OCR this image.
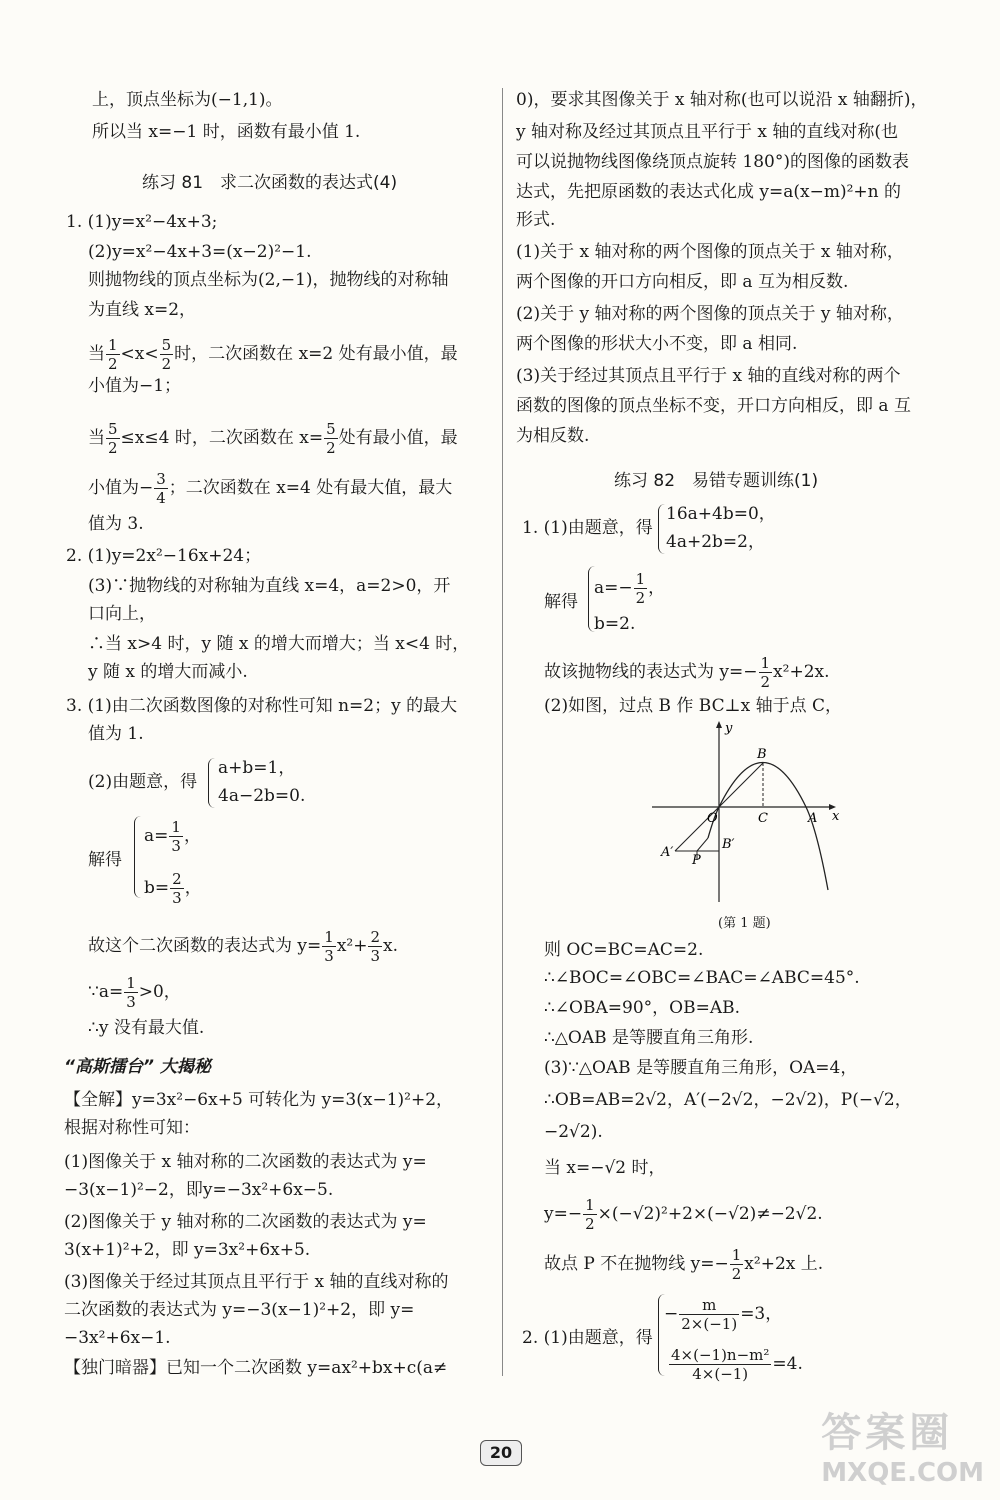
上，顶点坐标为(−1,1)。
所以当 x=−1 时，函数有最小值 1.
练习 81　求二次函数的表达式(4)
1. (1)y=x²−4x+3;
(2)y=x²−4x+3=(x−2)²−1.
则抛物线的顶点坐标为(2,−1)，抛物线的对称轴
为直线 x=2，
当 $\frac{1}{2} <x< \frac{5}{2}$ 时，二次函数在 x=2 处有最小值，最
小值为−1；
当 $\frac{5}{2} \le x\le 4$ 时，二次函数在 $x= \frac{5}{2}$ 处有最小值，最
小值为− $\frac{3}{4}$ ；二次函数在 x=4 处有最大值，最大
值为 3.
2. (1)y=2x²−16x+24；
(3)∵抛物线的对称轴为直线 x=4，a=2>0，开
口向上，
∴当 x>4 时，y 随 x 的增大而增大；当 x<4 时，
y 随 x 的增大而减小.
3. (1)由二次函数图像的对称性可知 n=2；y 的最大
值为 1.
(2)由题意，得
a+b=1，
4a−2b=0.
解得
$a= \frac{1}{3}$ ，
$b= \frac{2}{3}$ ，
故这个二次函数的表达式为 $y= \frac{1}{3} x^2+ \frac{2}{3} x$.
∵a= $\frac{1}{3} >0$，
∴y 没有最大值.
“高斯擂台” 大揭秘
【全解】y=3x²−6x+5 可转化为 y=3(x−1)²+2，
根据对称性可知：
(1)图像关于 x 轴对称的二次函数的表达式为 y=
−3(x−1)²−2，即y=−3x²+6x−5.
(2)图像关于 y 轴对称的二次函数的表达式为 y=
3(x+1)²+2，即 y=3x²+6x+5.
(3)图像关于经过其顶点且平行于 x 轴的直线对称的
二次函数的表达式为 y=−3(x−1)²+2，即 y=
−3x²+6x−1.
【独门暗器】已知一个二次函数 y=ax²+bx+c(a≠
0)，要求其图像关于 x 轴对称(也可以说沿 x 轴翻折)，
y 轴对称及经过其顶点且平行于 x 轴的直线对称(也
可以说抛物线图像绕顶点旋转 180°)的图像的函数表
达式，先把原函数的表达式化成 y=a(x−m)²+n 的
形式.
(1)关于 x 轴对称的两个图像的顶点关于 x 轴对称，
两个图像的开口方向相反，即 a 互为相反数.
(2)关于 y 轴对称的两个图像的顶点关于 y 轴对称，
两个图像的形状大小不变，即 a 相同.
(3)关于经过其顶点且平行于 x 轴的直线对称的两个
函数的图像的顶点坐标不变，开口方向相反，即 a 互
为相反数.
练习 82　易错专题训练(1)
1. (1)由题意，得
16a+4b=0，
4a+2b=2，
解得
$a=- \frac{1}{2}$ ，
b=2.
故该抛物线的表达式为 $y=- \frac{1}{2} x^2+2x$.
(2)如图，过点 B 作 BC⊥x 轴于点 C，
y
x
B
O	C	A
A′
P
B′
(第 1 题)
则 OC=BC=AC=2.
∴∠BOC=∠OBC=∠BAC=∠ABC=45°.
∴∠OBA=90°，OB=AB.
∴△OAB 是等腰直角三角形.
(3)∵△OAB 是等腰直角三角形，OA=4，
∴OB=AB=2√2，A′(−2√2，−2√2)，P(−√2，
−2√2).
当 x=−√2 时，
$y=- \frac{1}{2} \times(-√2)^2+2\times(-√2)\ne-2√2$.
故点 P 不在抛物线 $y=- \frac{1}{2} x^2+2x$ 上.
2. (1)由题意，得
− $\frac{m}{2\times(-1)} =3$，
$\frac{\text{4×(−1)n−m²}}{4\times(-1)} =4$.
20	答案圈
MXQE.COM
